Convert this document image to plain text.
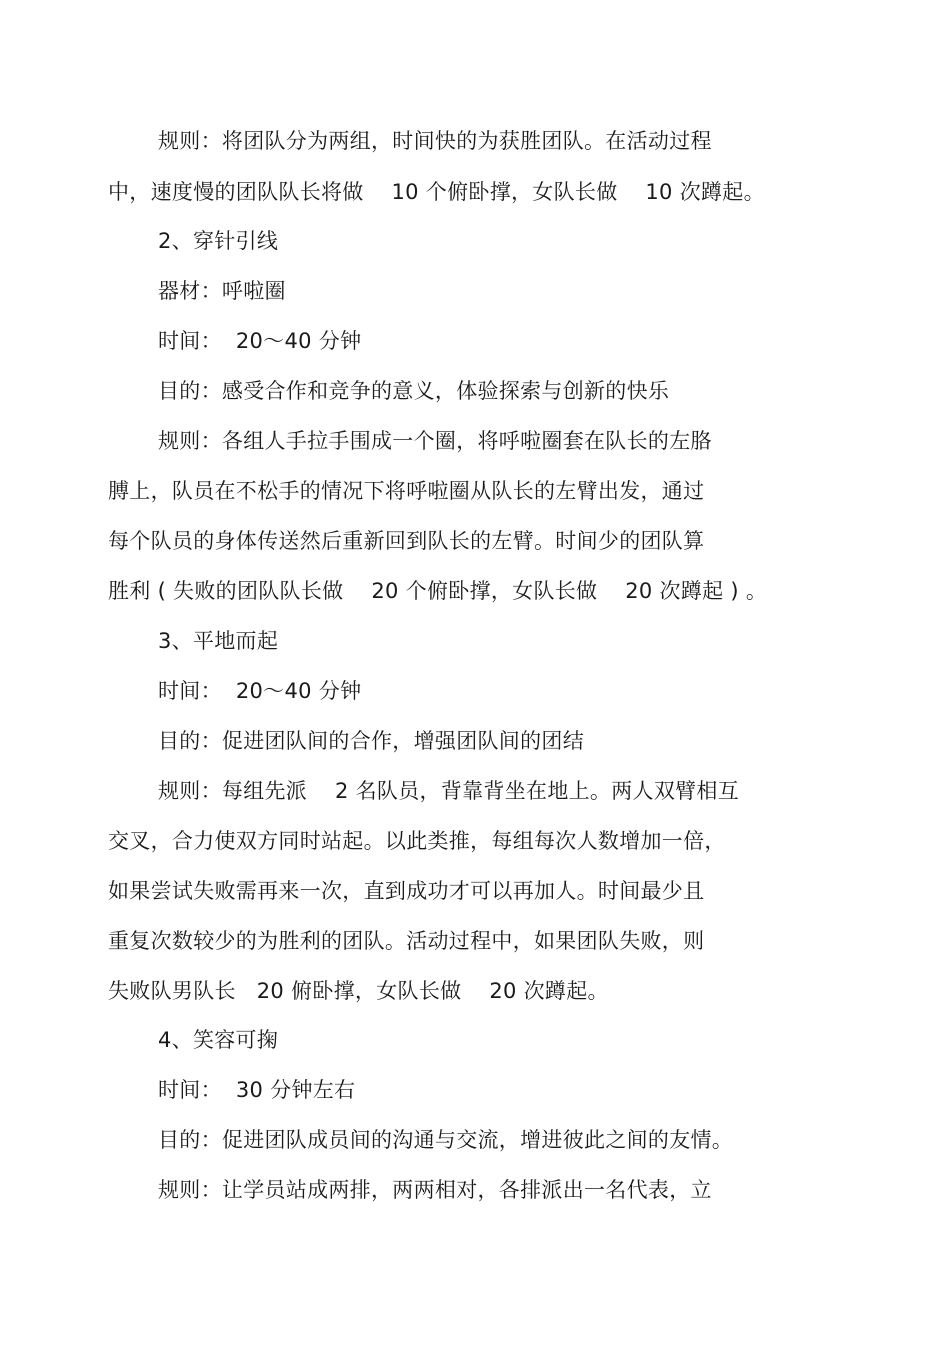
规则：将团队分为两组，时间快的为获胜团队。在活动过程
中，速度慢的团队队长将做    10 个俯卧撑，女队长做    10 次蹲起。
2、穿针引线
器材：呼啦圈
时间：  20～40 分钟
目的：感受合作和竞争的意义，体验探索与创新的快乐
规则：各组人手拉手围成一个圈，将呼啦圈套在队长的左胳
膊上，队员在不松手的情况下将呼啦圈从队长的左臂出发，通过
每个队员的身体传送然后重新回到队长的左臂。时间少的团队算
胜利 ( 失败的团队队长做    20 个俯卧撑，女队长做    20 次蹲起 ) 。
3、平地而起
时间：  20～40 分钟
目的：促进团队间的合作，增强团队间的团结
规则：每组先派    2 名队员，背靠背坐在地上。两人双臂相互
交叉，合力使双方同时站起。以此类推，每组每次人数增加一倍，
如果尝试失败需再来一次，直到成功才可以再加人。时间最少且
重复次数较少的为胜利的团队。活动过程中，如果团队失败，则
失败队男队长   20 俯卧撑，女队长做    20 次蹲起。
4、笑容可掬
时间：  30 分钟左右
目的：促进团队成员间的沟通与交流，增进彼此之间的友情。
规则：让学员站成两排，两两相对，各排派出一名代表，立
